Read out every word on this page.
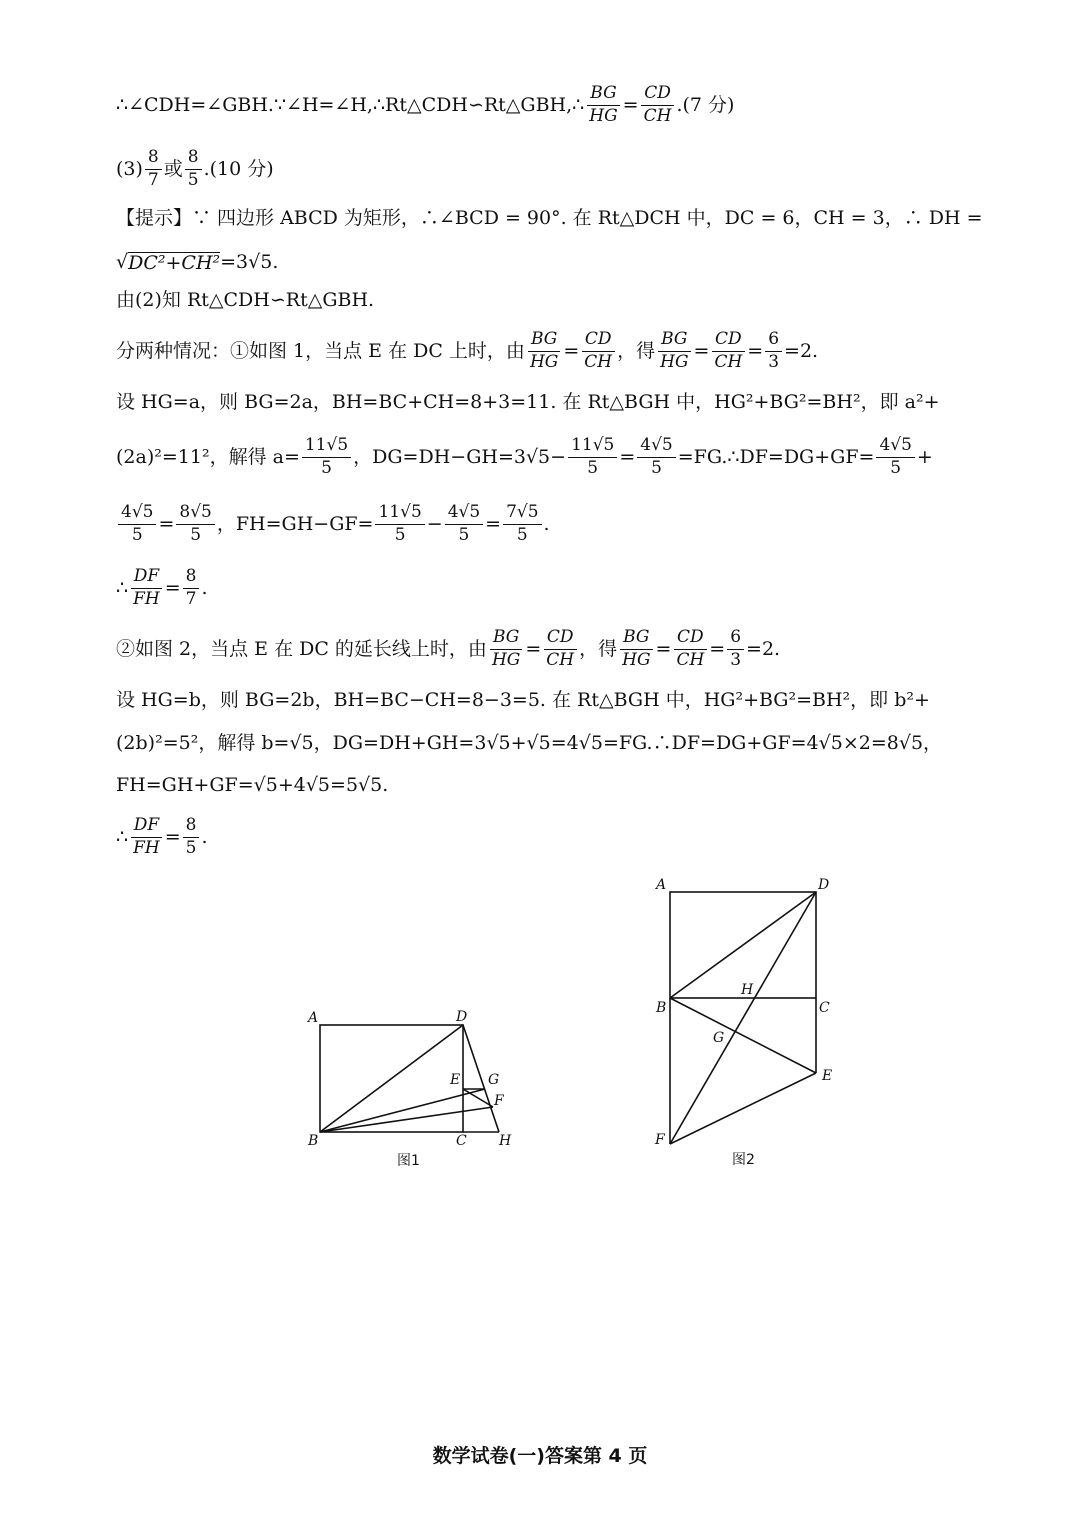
∴∠CDH=∠GBH.∵∠H=∠H,∴Rt△CDH∽Rt△GBH,∴ $\frac{BG}{HG} = \frac{CD}{CH} .(7$ 分)
$(3) \frac{8}{7}$ 或 $\frac{8}{5} .(10$ 分)
【提示】∵ 四边形 ABCD 为矩形，∴∠BCD = 90°. 在 Rt△DCH 中，DC = 6，CH = 3，∴ DH =
√ DC²+CH² =3√5.
由(2)知 Rt△CDH∽Rt△GBH.
分两种情况：①如图 1，当点 E 在 DC 上时，由 $\frac{BG}{HG} = \frac{CD}{CH}$ ，得 $\frac{BG}{HG} = \frac{CD}{CH} = \frac{6}{3} =2$.
设 HG=a，则 BG=2a，BH=BC+CH=8+3=11. 在 Rt△BGH 中，HG²+BG²=BH²，即 a²+
(2a)²=11²，解得 $a= \frac{11√5}{5}$ ，$DG=DH-GH=3√5- \frac{11√5}{5} = \frac{4√5}{5}$ =FG.∴DF=DG+GF= $\frac{4√5}{5}$ +
$\frac{4√5}{5} = \frac{8√5}{5}$ ，$FH=GH-GF= \frac{11√5}{5} - \frac{4√5}{5} = \frac{7√5}{5}$ .
∴ $\frac{DF}{FH} = \frac{8}{7}$ .
②如图 2，当点 E 在 DC 的延长线上时，由 $\frac{BG}{HG} = \frac{CD}{CH}$ ，得 $\frac{BG}{HG} = \frac{CD}{CH} = \frac{6}{3} =2$.
设 HG=b，则 BG=2b，BH=BC−CH=8−3=5. 在 Rt△BGH 中，HG²+BG²=BH²，即 b²+
(2b)²=5²，解得 b=√5，DG=DH+GH=3√5+√5=4√5=FG.∴DF=DG+GF=4√5×2=8√5，
FH=GH+GF=√5+4√5=5√5.
∴ $\frac{DF}{FH} = \frac{8}{5}$ .
A	D
E G
F
B	C H
图1
A	D
H
B	C
G
E
F
图2
数学试卷(一)答案第 4 页
